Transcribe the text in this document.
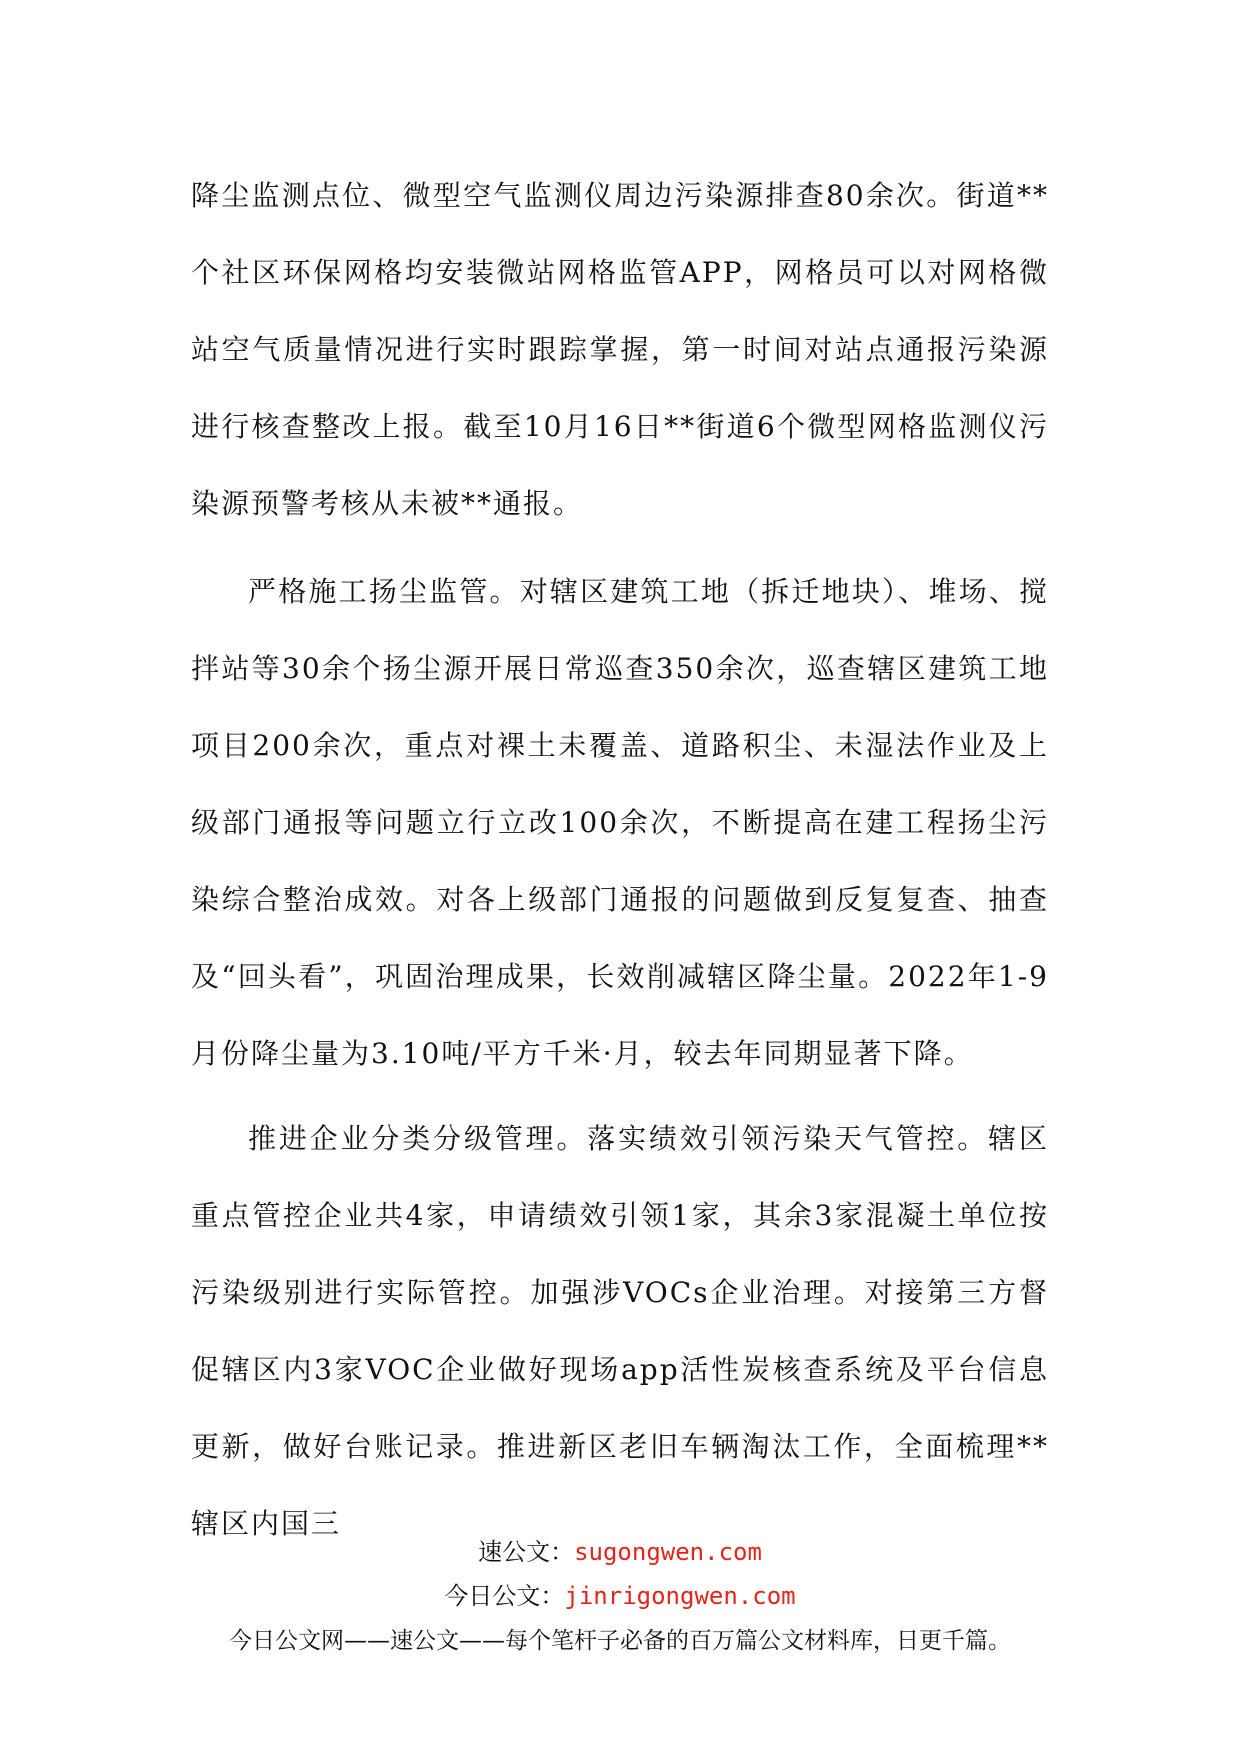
降尘监测点位、微型空气监测仪周边污染源排查80余次。街道**个社区环保网格均安装微站网格监管APP，网格员可以对网格微站空气质量情况进行实时跟踪掌握，第一时间对站点通报污染源进行核查整改上报。截至10月16日**街道6个微型网格监测仪污染源预警考核从未被**通报。

严格施工扬尘监管。对辖区建筑工地（拆迁地块）、堆场、搅拌站等30余个扬尘源开展日常巡查350余次，巡查辖区建筑工地项目200余次，重点对裸土未覆盖、道路积尘、未湿法作业及上级部门通报等问题立行立改100余次，不断提高在建工程扬尘污染综合整治成效。对各上级部门通报的问题做到反复复查、抽查及“回头看”，巩固治理成果，长效削减辖区降尘量。2022年1-9月份降尘量为3.10吨/平方千米·月，较去年同期显著下降。

推进企业分类分级管理。落实绩效引领污染天气管控。辖区重点管控企业共4家，申请绩效引领1家，其余3家混凝土单位按污染级别进行实际管控。加强涉VOCs企业治理。对接第三方督促辖区内3家VOC企业做好现场app活性炭核查系统及平台信息更新，做好台账记录。推进新区老旧车辆淘汰工作，全面梳理**辖区内国三

速公文：sugongwen.com
今日公文：jinrigongwen.com
今日公文网——速公文——每个笔杆子必备的百万篇公文材料库，日更千篇。
